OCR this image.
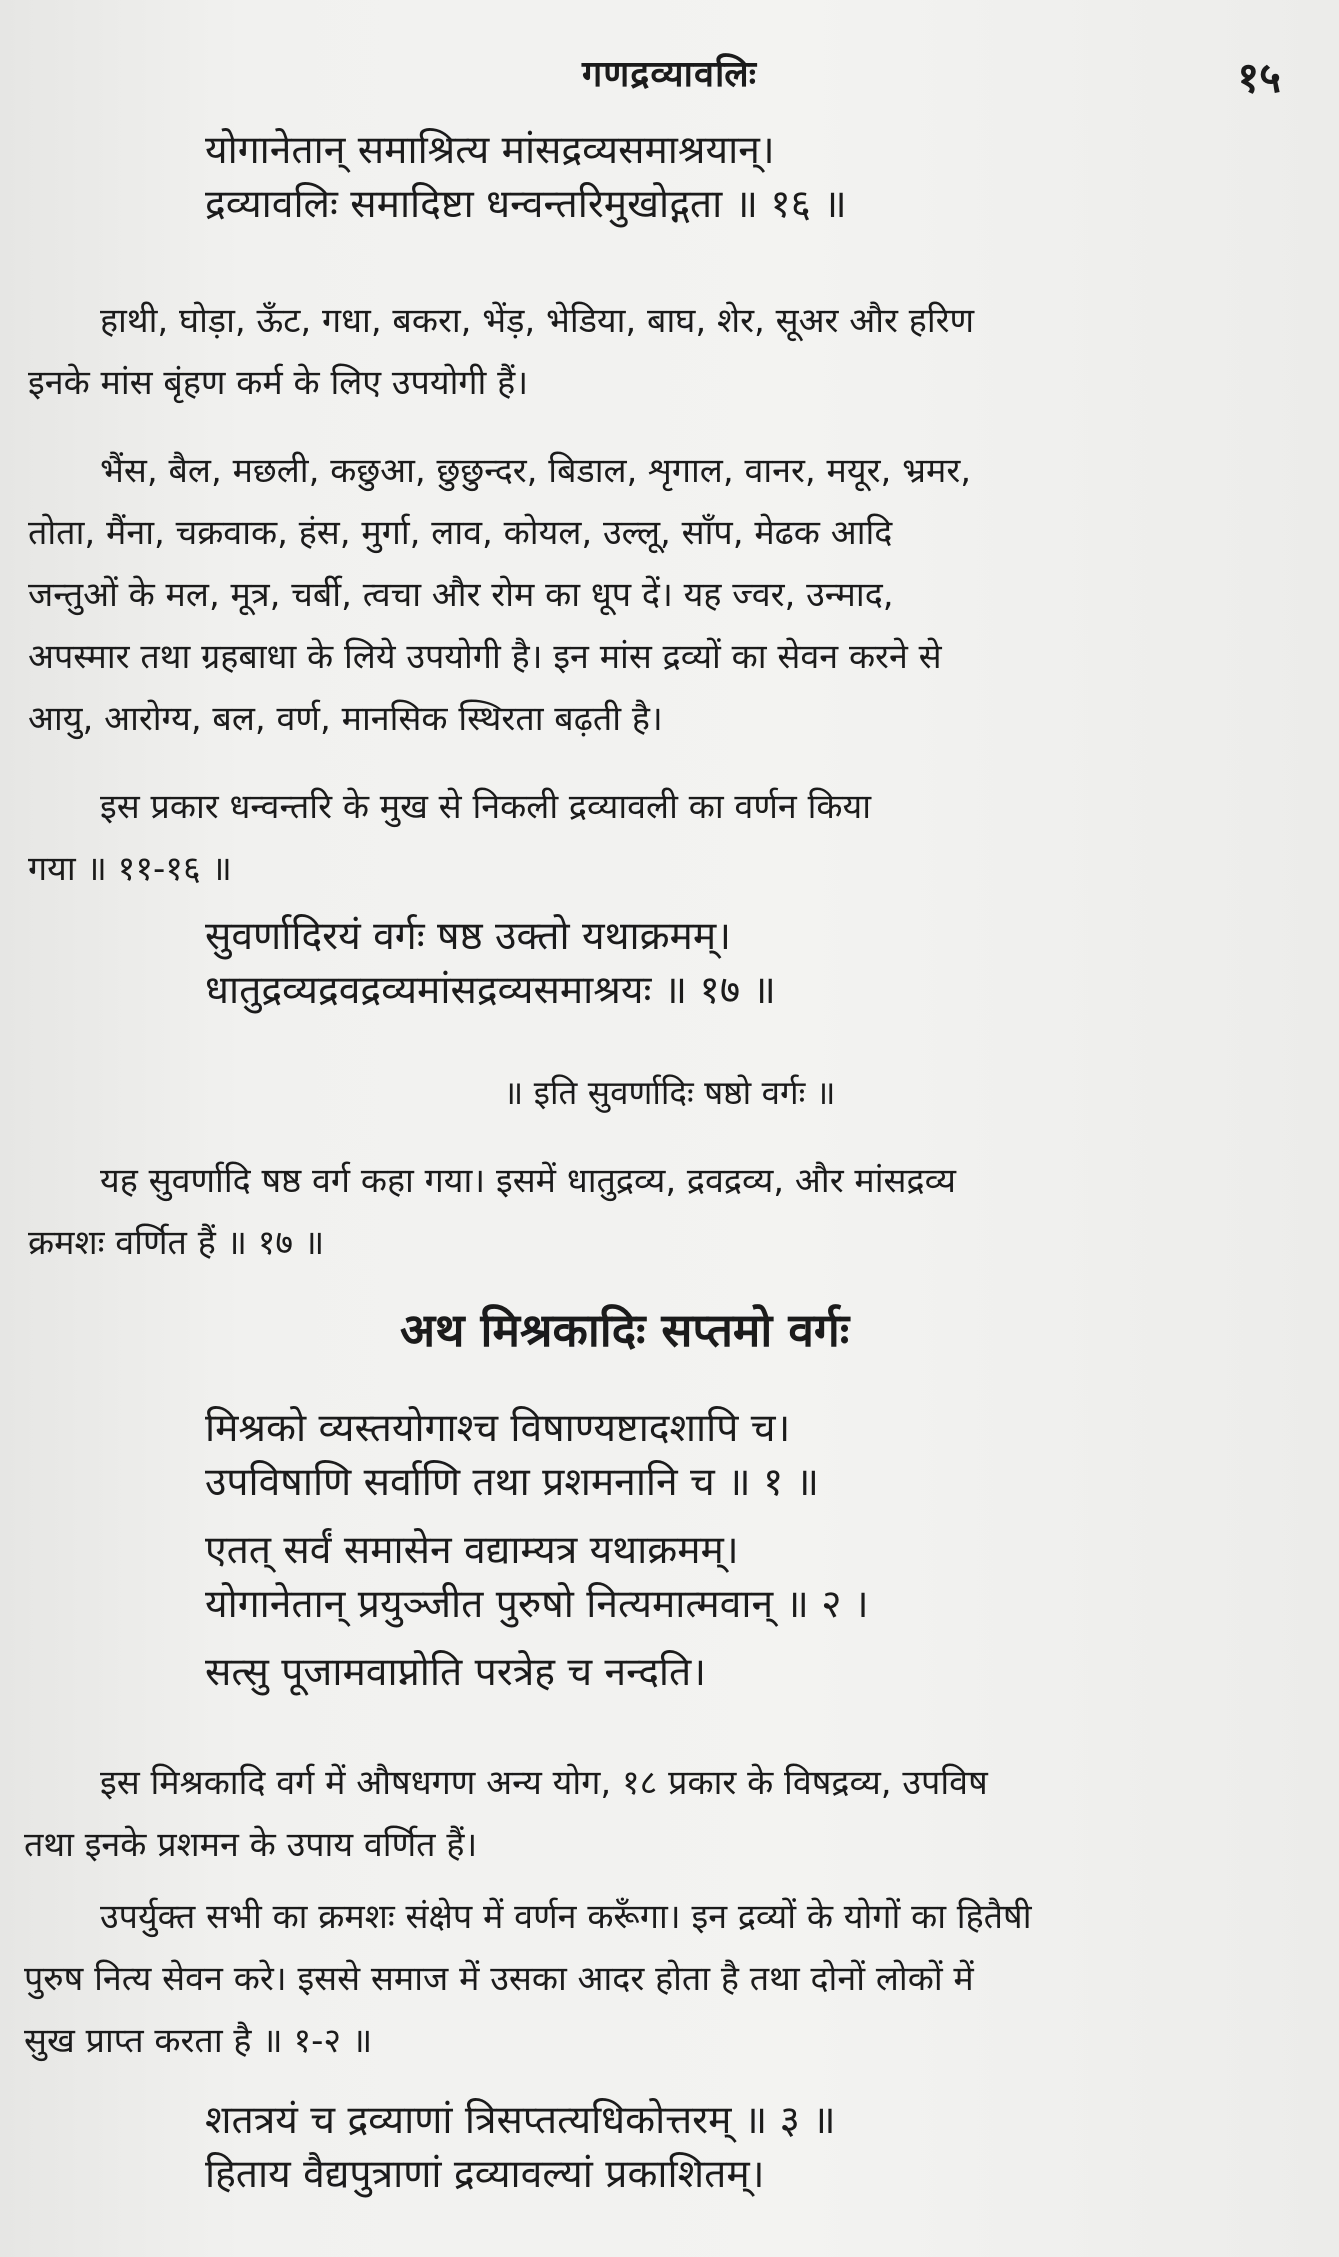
गणद्रव्यावलिः	१५
योगानेतान् समाश्रित्य मांसद्रव्यसमाश्रयान्।
द्रव्यावलिः समादिष्टा धन्वन्तरिमुखोद्गता ॥ १६ ॥
हाथी, घोड़ा, ऊँट, गधा, बकरा, भेंड़, भेडिया, बाघ, शेर, सूअर और हरिण
इनके मांस बृंहण कर्म के लिए उपयोगी हैं।
भैंस, बैल, मछली, कछुआ, छुछुन्दर, बिडाल, शृगाल, वानर, मयूर, भ्रमर,
तोता, मैंना, चक्रवाक, हंस, मुर्गा, लाव, कोयल, उल्लू, साँप, मेढक आदि
जन्तुओं के मल, मूत्र, चर्बी, त्वचा और रोम का धूप दें। यह ज्वर, उन्माद,
अपस्मार तथा ग्रहबाधा के लिये उपयोगी है। इन मांस द्रव्यों का सेवन करने से
आयु, आरोग्य, बल, वर्ण, मानसिक स्थिरता बढ़ती है।
इस प्रकार धन्वन्तरि के मुख से निकली द्रव्यावली का वर्णन किया
गया ॥ ११-१६ ॥
सुवर्णादिरयं वर्गः षष्ठ उक्तो यथाक्रमम्।
धातुद्रव्यद्रवद्रव्यमांसद्रव्यसमाश्रयः ॥ १७ ॥
॥ इति सुवर्णादिः षष्ठो वर्गः ॥
यह सुवर्णादि षष्ठ वर्ग कहा गया। इसमें धातुद्रव्य, द्रवद्रव्य, और मांसद्रव्य
क्रमशः वर्णित हैं ॥ १७ ॥
अथ मिश्रकादिः सप्तमो वर्गः
मिश्रको व्यस्तयोगाश्च विषाण्यष्टादशापि च।
उपविषाणि सर्वाणि तथा प्रशमनानि च ॥ १ ॥
एतत् सर्वं समासेन वद्याम्यत्र यथाक्रमम्।
योगानेतान् प्रयुञ्जीत पुरुषो नित्यमात्मवान् ॥ २ ।
सत्सु पूजामवाप्नोति परत्रेह च नन्दति।
इस मिश्रकादि वर्ग में औषधगण अन्य योग, १८ प्रकार के विषद्रव्य, उपविष
तथा इनके प्रशमन के उपाय वर्णित हैं।
उपर्युक्त सभी का क्रमशः संक्षेप में वर्णन करूँगा। इन द्रव्यों के योगों का हितैषी
पुरुष नित्य सेवन करे। इससे समाज में उसका आदर होता है तथा दोनों लोकों में
सुख प्राप्त करता है ॥ १-२ ॥
शतत्रयं च द्रव्याणां त्रिसप्तत्यधिकोत्तरम् ॥ ३ ॥
हिताय वैद्यपुत्राणां द्रव्यावल्यां प्रकाशितम्।
